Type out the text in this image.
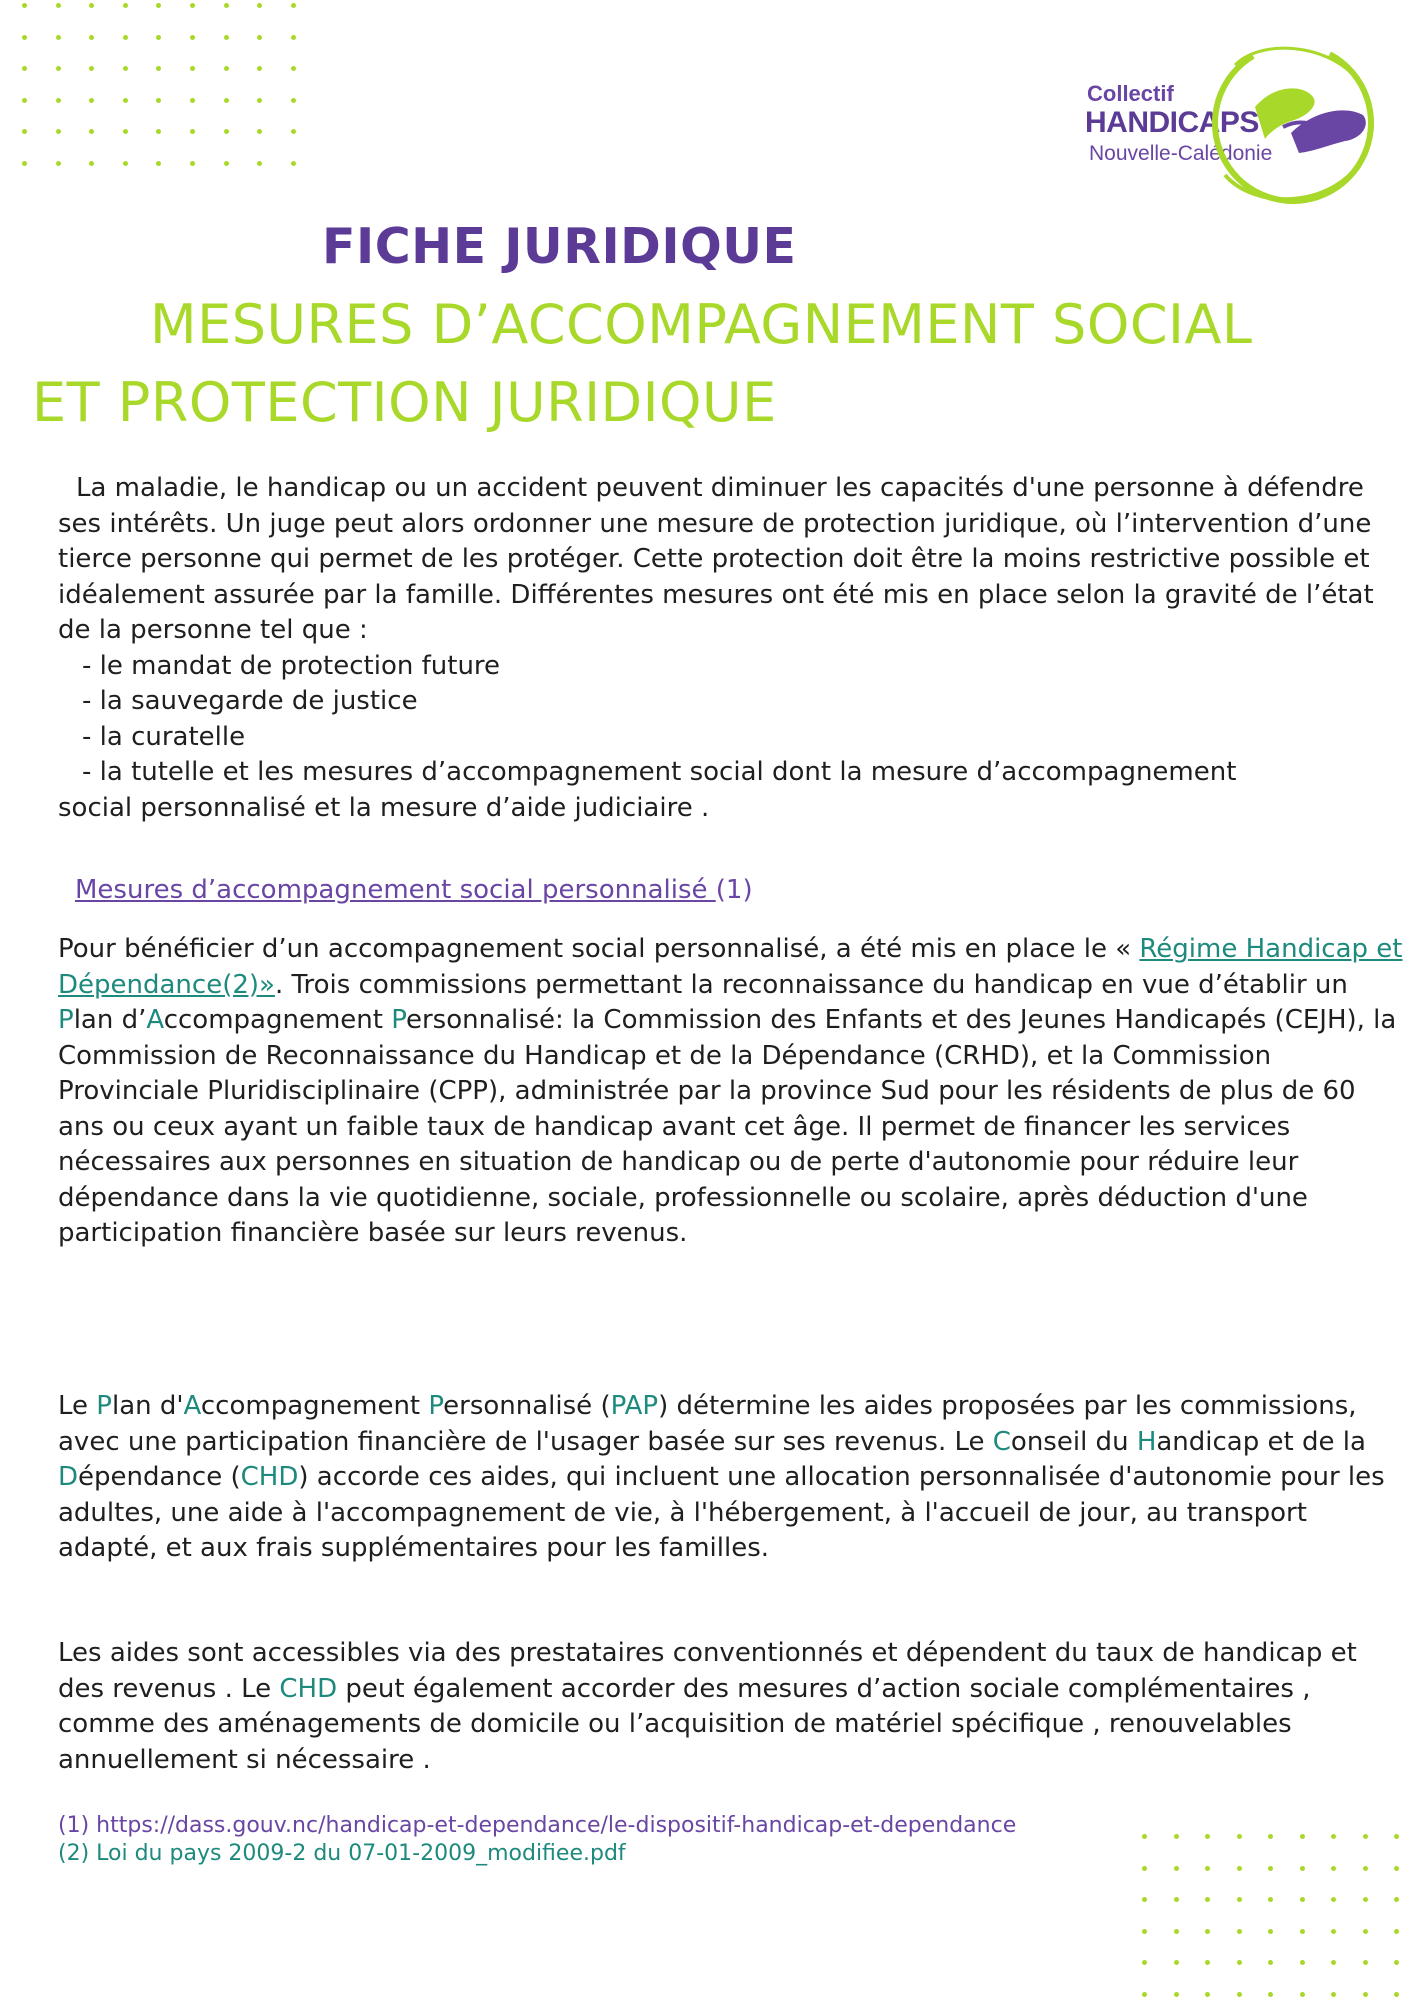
Collectif
HANDICAPS
Nouvelle-Calédonie
FICHE JURIDIQUE
MESURES D’ACCOMPAGNEMENT SOCIAL
ET PROTECTION JURIDIQUE
La maladie, le handicap ou un accident peuvent diminuer les capacités d'une personne à défendre ses intérêts. Un juge peut alors ordonner une mesure de protection juridique, où l’intervention d’une tierce personne qui permet de les protéger. Cette protection doit être la moins restrictive possible et idéalement assurée par la famille. Différentes mesures ont été mis en place selon la gravité de l’état de la personne tel que :
- le mandat de protection future
- la sauvegarde de justice
- la curatelle
- la tutelle et les mesures d’accompagnement social dont la mesure d’accompagnement
social personnalisé et la mesure d’aide judiciaire .
Mesures d’accompagnement social personnalisé (1)

Pour bénéficier d’un accompagnement social personnalisé, a été mis en place le « Régime Handicap et Dépendance(2)». Trois commissions permettant la reconnaissance du handicap en vue d’établir un Plan d’Accompagnement Personnalisé: la Commission des Enfants et des Jeunes Handicapés (CEJH), la Commission de Reconnaissance du Handicap et de la Dépendance (CRHD), et la Commission Provinciale Pluridisciplinaire (CPP), administrée par la province Sud pour les résidents de plus de 60 ans ou ceux ayant un faible taux de handicap avant cet âge. Il permet de financer les services nécessaires aux personnes en situation de handicap ou de perte d'autonomie pour réduire leur dépendance dans la vie quotidienne, sociale, professionnelle ou scolaire, après déduction d'une participation financière basée sur leurs revenus.

Le Plan d'Accompagnement Personnalisé (PAP) détermine les aides proposées par les commissions, avec une participation financière de l'usager basée sur ses revenus. Le Conseil du Handicap et de la Dépendance (CHD) accorde ces aides, qui incluent une allocation personnalisée d'autonomie pour les adultes, une aide à l'accompagnement de vie, à l'hébergement, à l'accueil de jour, au transport adapté, et aux frais supplémentaires pour les familles.

Les aides sont accessibles via des prestataires conventionnés et dépendent du taux de handicap et des revenus . Le CHD peut également accorder des mesures d’action sociale complémentaires , comme des aménagements de domicile ou l’acquisition de matériel spécifique , renouvelables annuellement si nécessaire .

(1) https://dass.gouv.nc/handicap-et-dependance/le-dispositif-handicap-et-dependance
(2) Loi du pays 2009-2 du 07-01-2009_modifiee.pdf
